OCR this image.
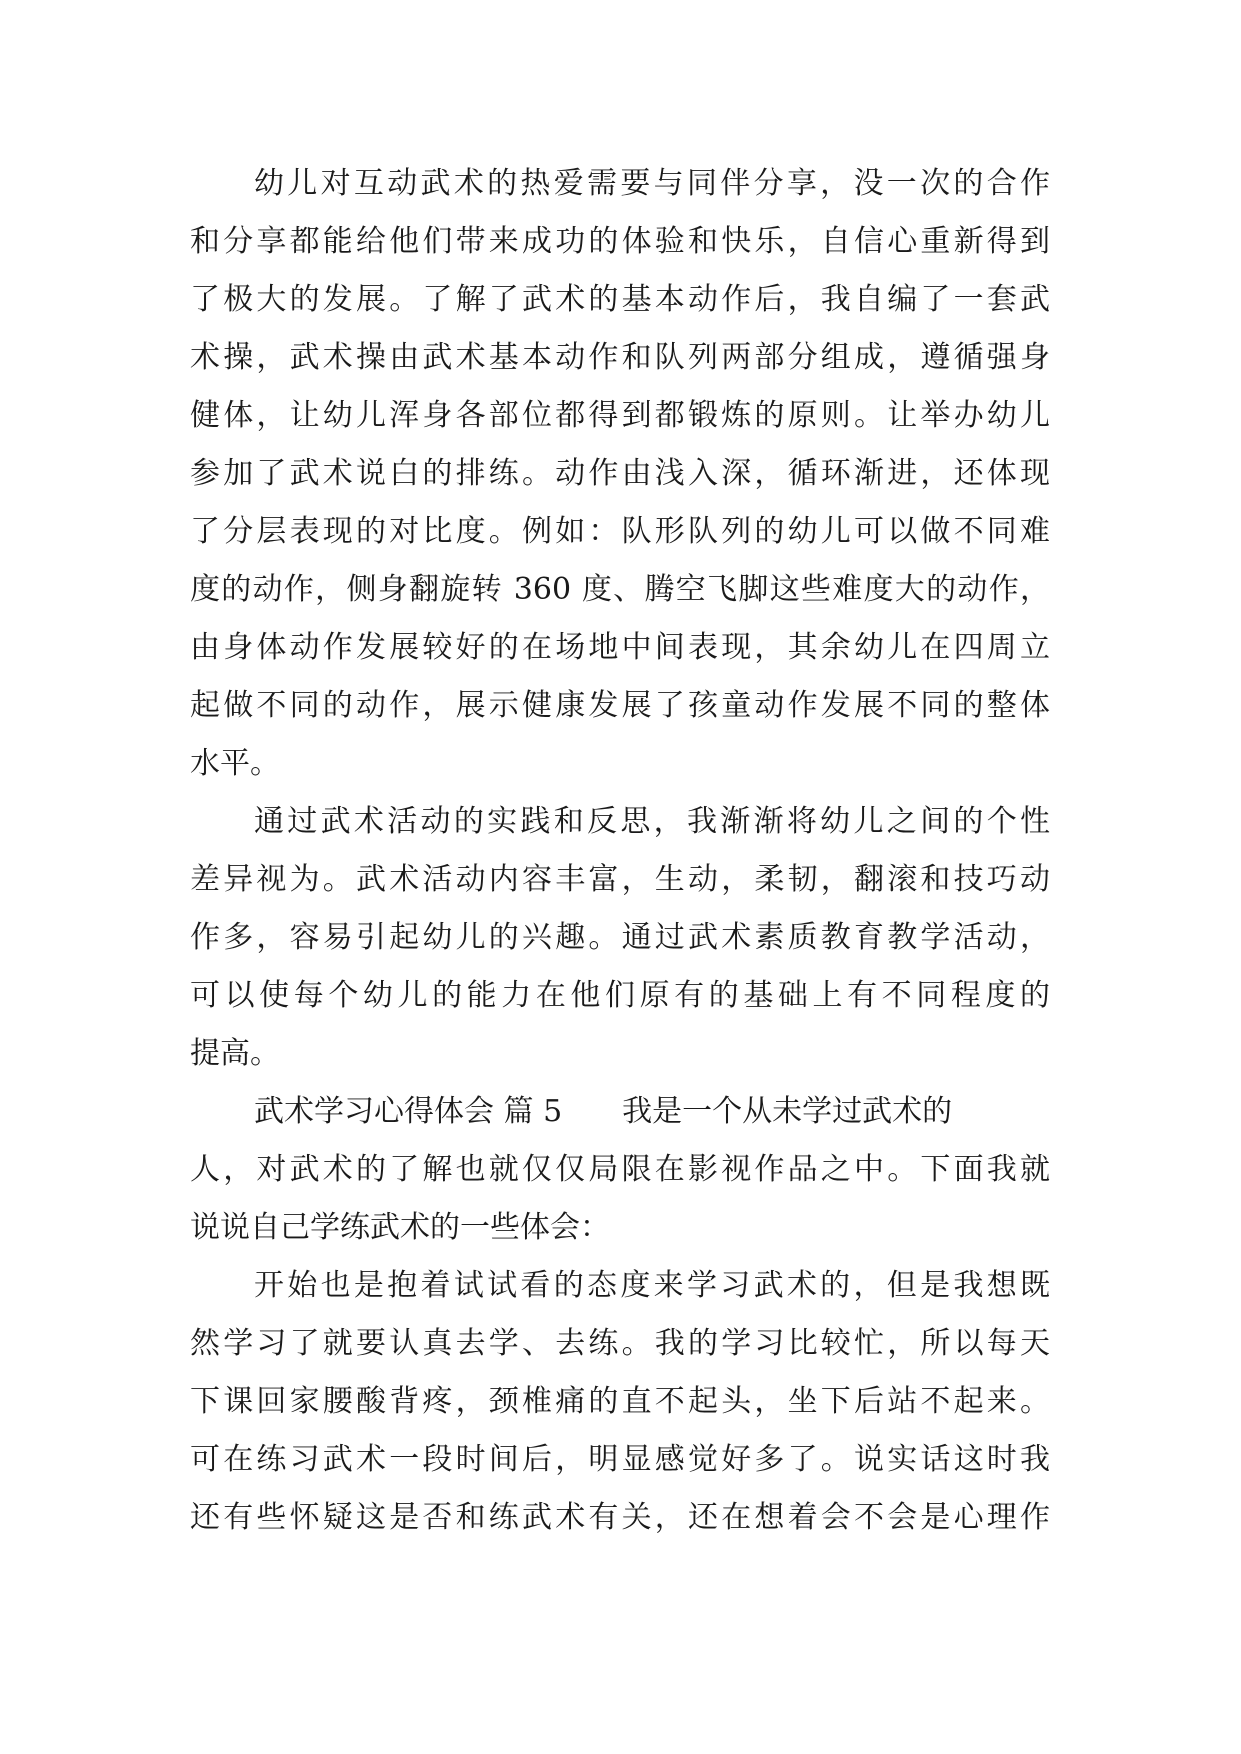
幼儿对互动武术的热爱需要与同伴分享，没一次的合作
和分享都能给他们带来成功的体验和快乐，自信心重新得到
了极大的发展。了解了武术的基本动作后，我自编了一套武
术操，武术操由武术基本动作和队列两部分组成，遵循强身
健体，让幼儿浑身各部位都得到都锻炼的原则。让举办幼儿
参加了武术说白的排练。动作由浅入深，循环渐进，还体现
了分层表现的对比度。例如：队形队列的幼儿可以做不同难
度的动作，侧身翻旋转 360 度、腾空飞脚这些难度大的动作，
由身体动作发展较好的在场地中间表现，其余幼儿在四周立
起做不同的动作，展示健康发展了孩童动作发展不同的整体
水平。
通过武术活动的实践和反思，我渐渐将幼儿之间的个性
差异视为。武术活动内容丰富，生动，柔韧，翻滚和技巧动
作多，容易引起幼儿的兴趣。通过武术素质教育教学活动，
可以使每个幼儿的能力在他们原有的基础上有不同程度的
提高。
武术学习心得体会 篇 5 我是一个从未学过武术的
人，对武术的了解也就仅仅局限在影视作品之中。下面我就
说说自己学练武术的一些体会：
开始也是抱着试试看的态度来学习武术的，但是我想既
然学习了就要认真去学、去练。我的学习比较忙，所以每天
下课回家腰酸背疼，颈椎痛的直不起头，坐下后站不起来。
可在练习武术一段时间后，明显感觉好多了。说实话这时我
还有些怀疑这是否和练武术有关，还在想着会不会是心理作
